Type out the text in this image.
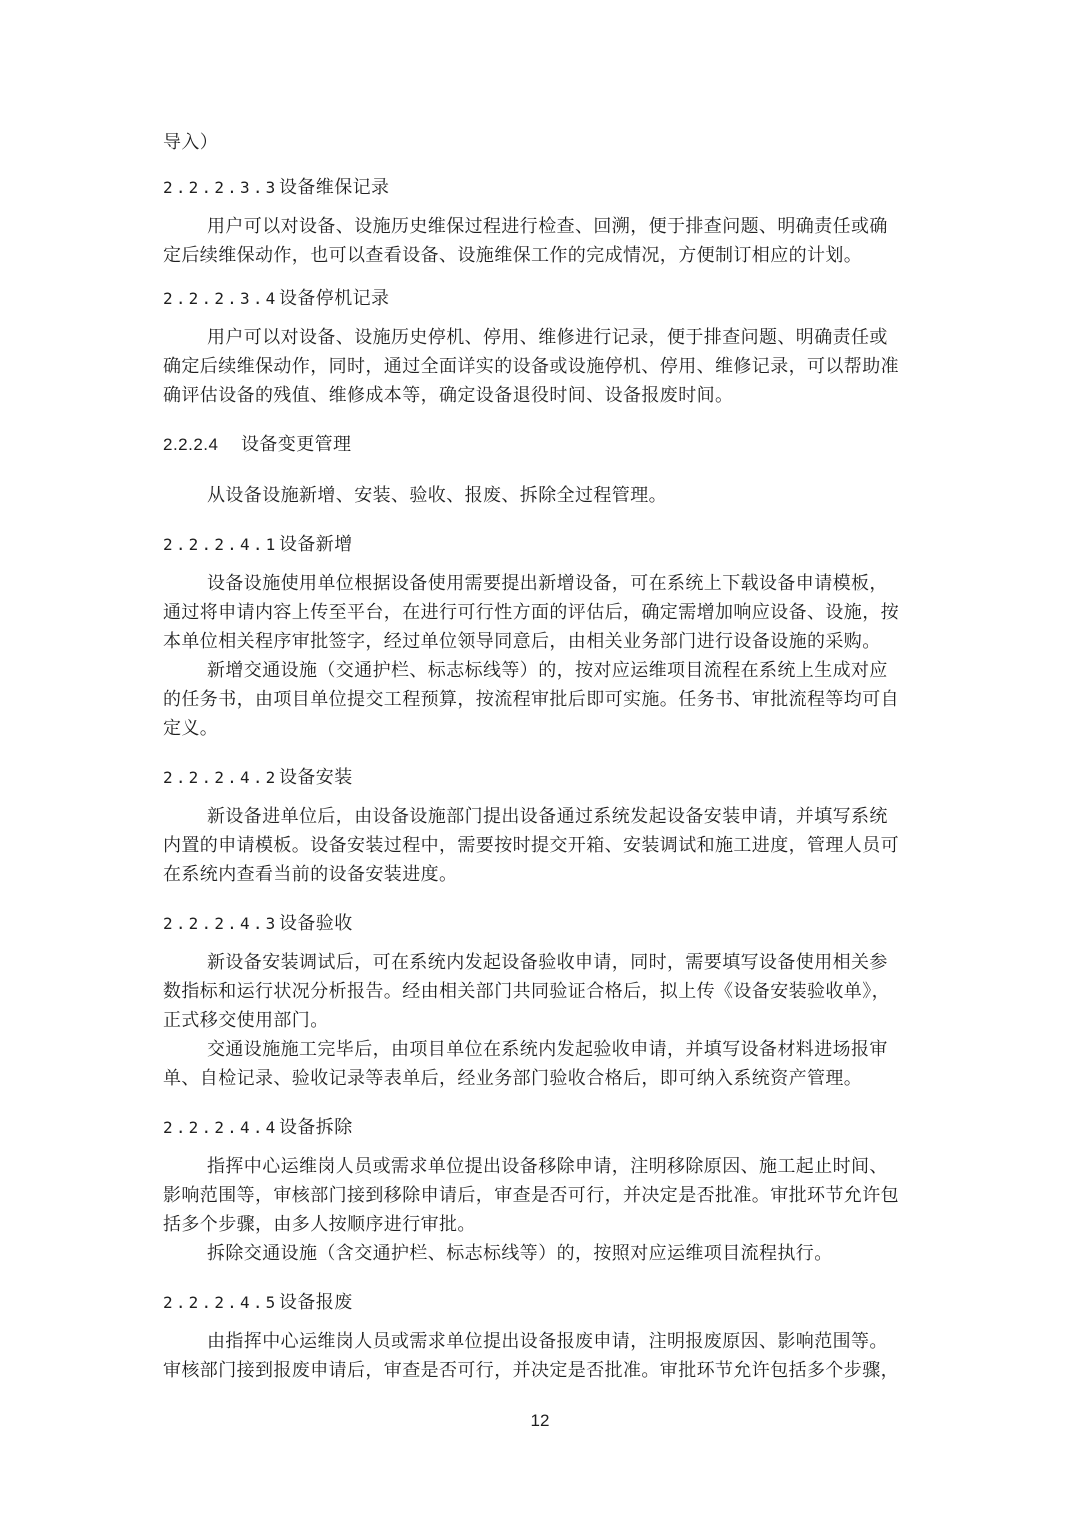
导入）
2.2.2.3.3 设备维保记录
用户可以对设备、设施历史维保过程进行检查、回溯，便于排查问题、明确责任或确
定后续维保动作，也可以查看设备、设施维保工作的完成情况，方便制订相应的计划。
2.2.2.3.4 设备停机记录
用户可以对设备、设施历史停机、停用、维修进行记录，便于排查问题、明确责任或
确定后续维保动作，同时，通过全面详实的设备或设施停机、停用、维修记录，可以帮助准
确评估设备的残值、维修成本等，确定设备退役时间、设备报废时间。
2.2.2.4	设备变更管理
从设备设施新增、安装、验收、报废、拆除全过程管理。
2.2.2.4.1 设备新增
设备设施使用单位根据设备使用需要提出新增设备，可在系统上下载设备申请模板，
通过将申请内容上传至平台，在进行可行性方面的评估后，确定需增加响应设备、设施，按
本单位相关程序审批签字，经过单位领导同意后，由相关业务部门进行设备设施的采购。
新增交通设施（交通护栏、标志标线等）的，按对应运维项目流程在系统上生成对应
的任务书，由项目单位提交工程预算，按流程审批后即可实施。任务书、审批流程等均可自
定义。
2.2.2.4.2 设备安装
新设备进单位后，由设备设施部门提出设备通过系统发起设备安装申请，并填写系统
内置的申请模板。设备安装过程中，需要按时提交开箱、安装调试和施工进度，管理人员可
在系统内查看当前的设备安装进度。
2.2.2.4.3 设备验收
新设备安装调试后，可在系统内发起设备验收申请，同时，需要填写设备使用相关参
数指标和运行状况分析报告。经由相关部门共同验证合格后，拟上传《设备安装验收单》，
正式移交使用部门。
交通设施施工完毕后，由项目单位在系统内发起验收申请，并填写设备材料进场报审
单、自检记录、验收记录等表单后，经业务部门验收合格后，即可纳入系统资产管理。
2.2.2.4.4 设备拆除
指挥中心运维岗人员或需求单位提出设备移除申请，注明移除原因、施工起止时间、
影响范围等，审核部门接到移除申请后，审查是否可行，并决定是否批准。审批环节允许包
括多个步骤，由多人按顺序进行审批。
拆除交通设施（含交通护栏、标志标线等）的，按照对应运维项目流程执行。
2.2.2.4.5 设备报废
由指挥中心运维岗人员或需求单位提出设备报废申请，注明报废原因、影响范围等。
审核部门接到报废申请后，审查是否可行，并决定是否批准。审批环节允许包括多个步骤，
12
